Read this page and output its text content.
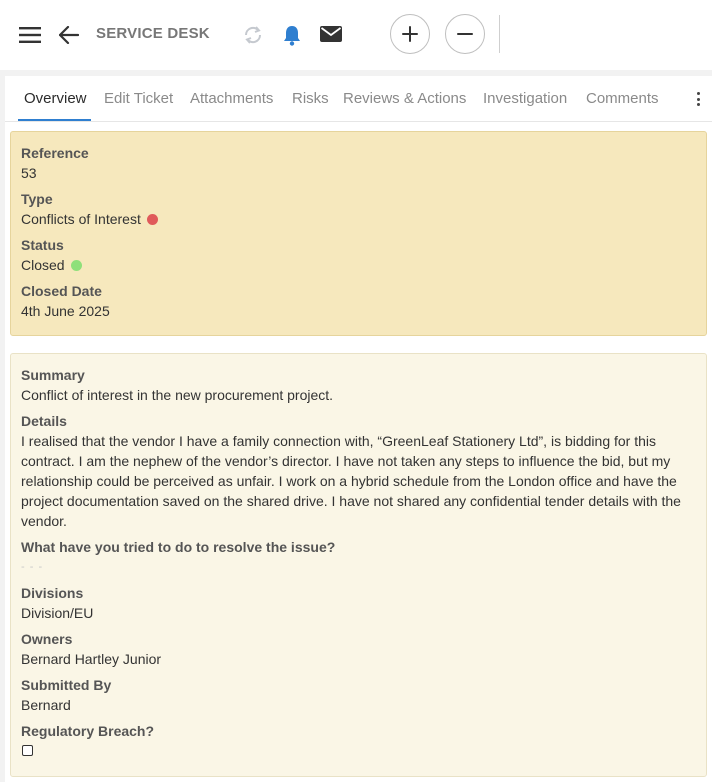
SERVICE DESK
Overview Edit Ticket Attachments Risks Reviews & Actions Investigation Comments
Reference
53
Type
Conflicts of Interest
Status
Closed
Closed Date
4th June 2025
Summary
Conflict of interest in the new procurement project.
Details
I realised that the vendor I have a family connection with, “GreenLeaf Stationery Ltd”, is bidding for this contract. I am the nephew of the vendor’s director. I have not taken any steps to influence the bid, but my relationship could be perceived as unfair. I work on a hybrid schedule from the London office and have the project documentation saved on the shared drive. I have not shared any confidential tender details with the vendor.
What have you tried to do to resolve the issue?
- - -
Divisions
Division/EU
Owners
Bernard Hartley Junior
Submitted By
Bernard
Regulatory Breach?
